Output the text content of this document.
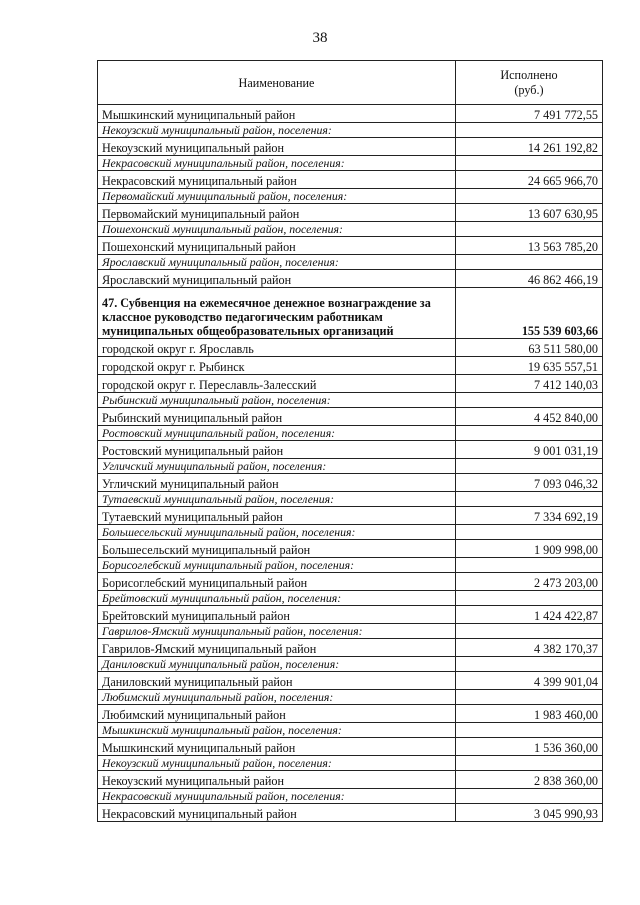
38
Наименование	Исполнено
(руб.)

Мышкинский муниципальный район	7 491 772,55
Некоузский муниципальный район, поселения:	
Некоузский муниципальный район	14 261 192,82
Некрасовский муниципальный район, поселения:	
Некрасовский муниципальный район	24 665 966,70
Первомайский муниципальный район, поселения:	
Первомайский муниципальный район	13 607 630,95
Пошехонский муниципальный район, поселения:	
Пошехонский муниципальный район	13 563 785,20
Ярославский муниципальный район, поселения:	
Ярославский муниципальный район	46 862 466,19
47. Субвенция на ежемесячное денежное вознаграждение за классное руководство педагогическим работникам муниципальных общеобразовательных организаций	155 539 603,66
городской округ г. Ярославль	63 511 580,00
городской округ г. Рыбинск	19 635 557,51
городской округ г. Переславль-Залесский	7 412 140,03
Рыбинский муниципальный район, поселения:	
Рыбинский муниципальный район	4 452 840,00
Ростовский муниципальный район, поселения:	
Ростовский муниципальный район	9 001 031,19
Угличский муниципальный район, поселения:	
Угличский муниципальный район	7 093 046,32
Тутаевский муниципальный район, поселения:	
Тутаевский муниципальный район	7 334 692,19
Большесельский муниципальный район, поселения:	
Большесельский муниципальный район	1 909 998,00
Борисоглебский муниципальный район, поселения:	
Борисоглебский муниципальный район	2 473 203,00
Брейтовский муниципальный район, поселения:	
Брейтовский муниципальный район	1 424 422,87
Гаврилов-Ямский муниципальный район, поселения:	
Гаврилов-Ямский муниципальный район	4 382 170,37
Даниловский муниципальный район, поселения:	
Даниловский муниципальный район	4 399 901,04
Любимский муниципальный район, поселения:	
Любимский муниципальный район	1 983 460,00
Мышкинский муниципальный район, поселения:	
Мышкинский муниципальный район	1 536 360,00
Некоузский муниципальный район, поселения:	
Некоузский муниципальный район	2 838 360,00
Некрасовский муниципальный район, поселения:	
Некрасовский муниципальный район	3 045 990,93
